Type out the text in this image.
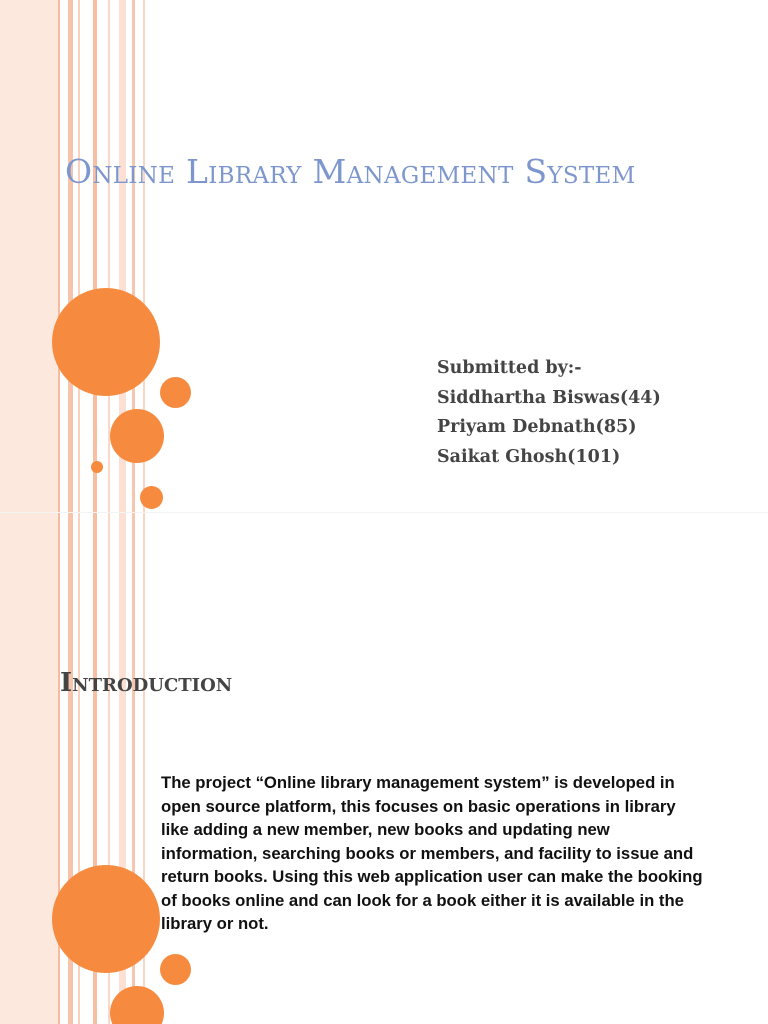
Online Library Management System
Submitted by:-
Siddhartha Biswas(44)
Priyam Debnath(85)
Saikat Ghosh(101)
Introduction

The project “Online library management system” is developed in open source platform, this focuses on basic operations in library like adding a new member, new books and updating new information, searching books or members, and facility to issue and return books. Using this web application user can make the booking of books online and can look for a book either it is available in the library or not.
